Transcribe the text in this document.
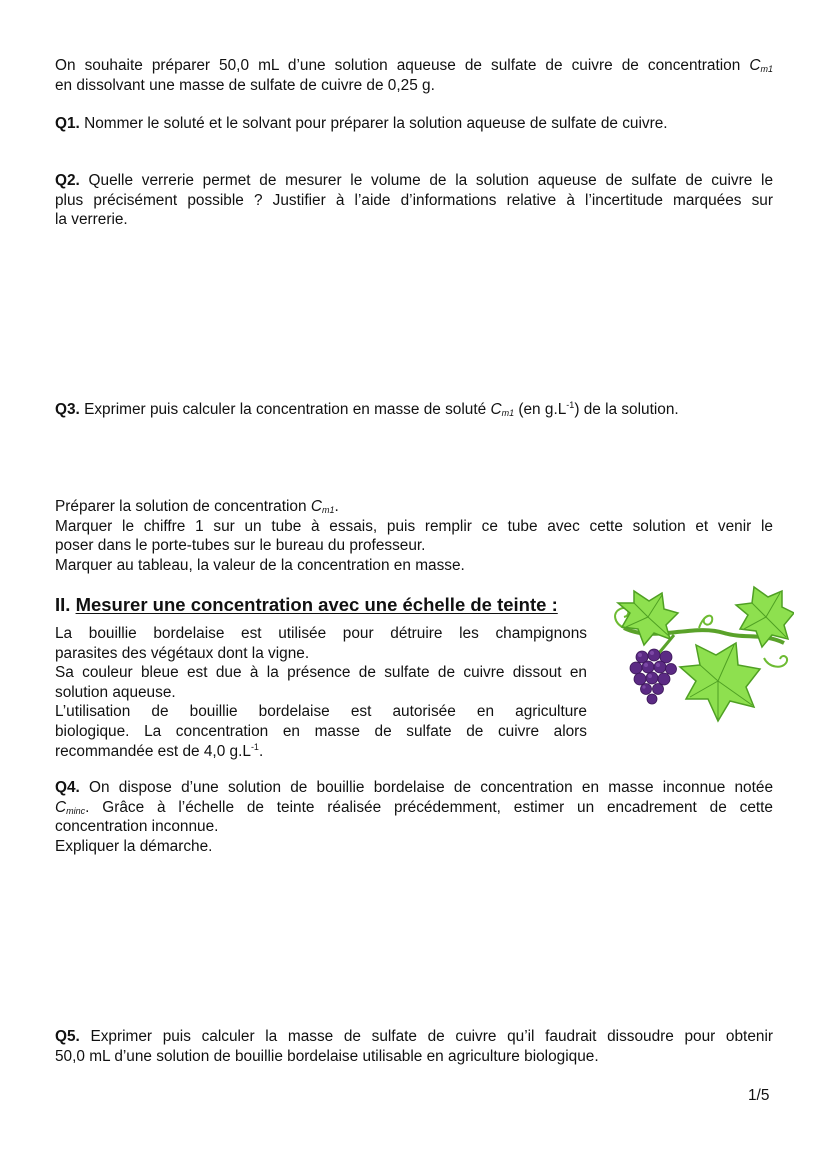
On souhaite préparer 50,0 mL d’une solution aqueuse de sulfate de cuivre de concentration $C_{m1}$
en dissolvant une masse de sulfate de cuivre de 0,25 g.
Q1. Nommer le soluté et le solvant pour préparer la solution aqueuse de sulfate de cuivre.
Q2. Quelle verrerie permet de mesurer le volume de la solution aqueuse de sulfate de cuivre le
plus précisément possible ? Justifier à l’aide d’informations relative à l’incertitude marquées sur
la verrerie.
Q3. Exprimer puis calculer la concentration en masse de soluté $C_{m1}$ (en $g.L^{-1}$) de la solution.
Préparer la solution de concentration $C_{m1}$.
Marquer le chiffre 1 sur un tube à essais, puis remplir ce tube avec cette solution et venir le
poser dans le porte-tubes sur le bureau du professeur.
Marquer au tableau, la valeur de la concentration en masse.
II. Mesurer une concentration avec une échelle de teinte :
La bouillie bordelaise est utilisée pour détruire les champignons
parasites des végétaux dont la vigne.
Sa couleur bleue est due à la présence de sulfate de cuivre dissout en
solution aqueuse.
L’utilisation de bouillie bordelaise est autorisée en agriculture
biologique. La concentration en masse de sulfate de cuivre alors
recommandée est de 4,0 $g.L^{-1}$.
Q4. On dispose d’une solution de bouillie bordelaise de concentration en masse inconnue notée
$C_{minc}$. Grâce à l’échelle de teinte réalisée précédemment, estimer un encadrement de cette
concentration inconnue.
Expliquer la démarche.
Q5. Exprimer puis calculer la masse de sulfate de cuivre qu’il faudrait dissoudre pour obtenir
50,0 mL d’une solution de bouillie bordelaise utilisable en agriculture biologique.

1/5
